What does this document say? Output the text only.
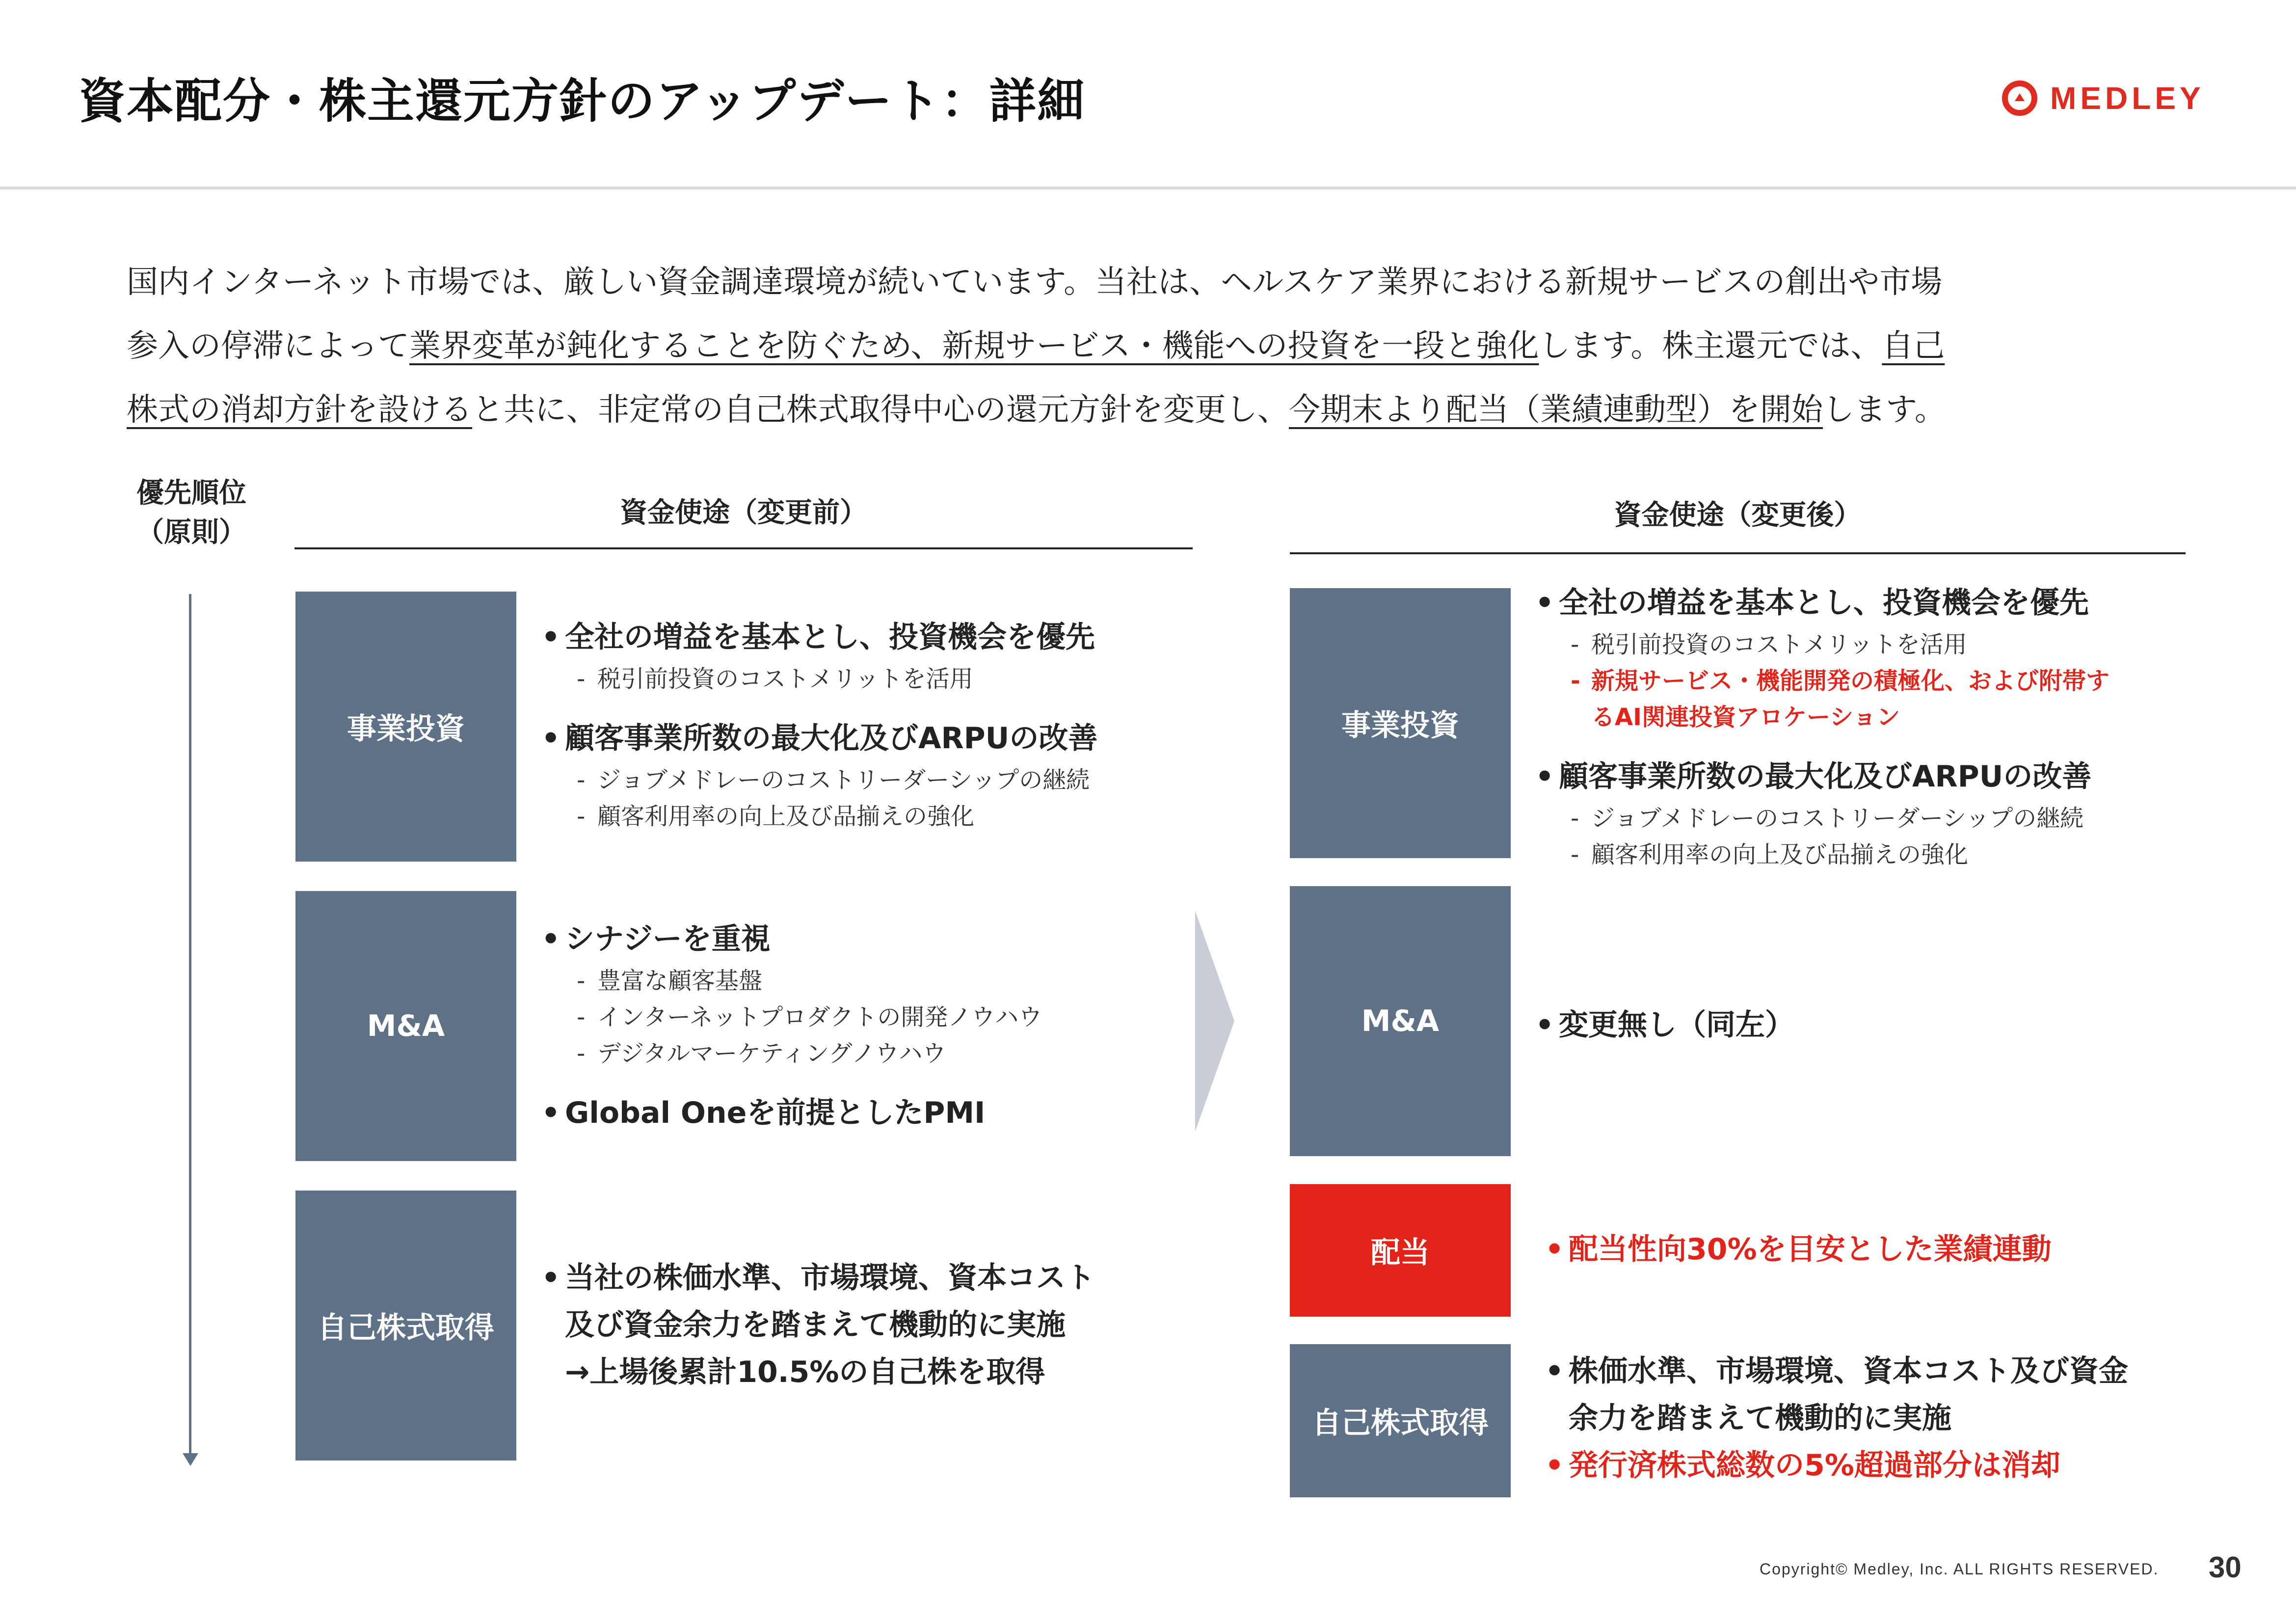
資本配分・株主還元方針のアップデート：詳細	MEDLEY
国内インターネット市場では、厳しい資金調達環境が続いています。当社は、ヘルスケア業界における新規サービスの創出や市場
参入の停滞によって業界変革が鈍化することを防ぐため、新規サービス・機能への投資を一段と強化します。株主還元では、自己
株式の消却方針を設けると共に、非定常の自己株式取得中心の還元方針を変更し、今期末より配当（業績連動型）を開始します。
優先順位
（原則）
資金使途（変更前）
事業投資
• 全社の増益を基本とし、投資機会を優先
- 税引前投資のコストメリットを活用
• 顧客事業所数の最大化及びARPUの改善
- ジョブメドレーのコストリーダーシップの継続
- 顧客利用率の向上及び品揃えの強化
M&A
• シナジーを重視
- 豊富な顧客基盤
- インターネットプロダクトの開発ノウハウ
- デジタルマーケティングノウハウ
• Global Oneを前提としたPMI
自己株式取得
• 当社の株価水準、市場環境、資本コスト
及び資金余力を踏まえて機動的に実施
→上場後累計10.5%の自己株を取得
資金使途（変更後）
事業投資
• 全社の増益を基本とし、投資機会を優先
- 税引前投資のコストメリットを活用
- 新規サービス・機能開発の積極化、および附帯す
るAI関連投資アロケーション
• 顧客事業所数の最大化及びARPUの改善
- ジョブメドレーのコストリーダーシップの継続
- 顧客利用率の向上及び品揃えの強化
M&A	• 変更無し（同左）
配当	• 配当性向30%を目安とした業績連動
自己株式取得
• 株価水準、市場環境、資本コスト及び資金
余力を踏まえて機動的に実施
• 発行済株式総数の5%超過部分は消却
Copyright© Medley, Inc. ALL RIGHTS RESERVED. 30
